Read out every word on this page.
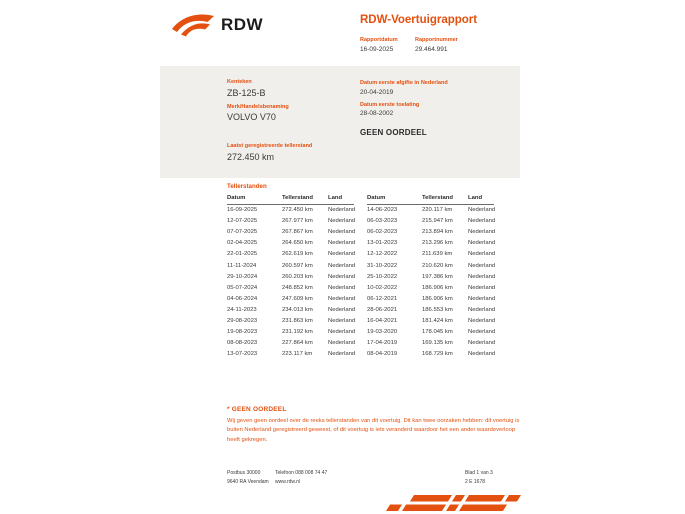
RDW	RDW-Voertuigrapport
Rapportdatum
16-09-2025
Rapportnummer
29.464.991
Kenteken
ZB-125-B
Merk/Handelsbenaming
VOLVO V70
Laatst geregistreerde tellerstand
272.450 km
Datum eerste afgifte in Nederland
20-04-2019
Datum eerste toelating
28-08-2002
GEEN OORDEEL
Tellerstanden
Datum	Tellerstand	Land
16-09-2025	272.450 km	Nederland
12-07-2025	267.977 km	Nederland
07-07-2025	267.867 km	Nederland
02-04-2025	264.650 km	Nederland
22-01-2025	262.619 km	Nederland
11-11-2024	260.597 km	Nederland
29-10-2024	260.203 km	Nederland
05-07-2024	248.852 km	Nederland
04-06-2024	247.609 km	Nederland
24-11-2023	234.013 km	Nederland
29-08-2023	231.863 km	Nederland
19-08-2023	231.192 km	Nederland
08-08-2023	227.864 km	Nederland
13-07-2023	223.117 km	Nederland
Datum	Tellerstand	Land
14-06-2023	220.117 km	Nederland
06-03-2023	215.947 km	Nederland
06-02-2023	213.894 km	Nederland
13-01-2023	213.296 km	Nederland
12-12-2022	211.639 km	Nederland
31-10-2022	210.620 km	Nederland
25-10-2022	197.386 km	Nederland
10-02-2022	186.906 km	Nederland
06-12-2021	186.906 km	Nederland
28-06-2021	186.553 km	Nederland
16-04-2021	181.424 km	Nederland
19-03-2020	178.045 km	Nederland
17-04-2019	169.135 km	Nederland
08-04-2019	168.729 km	Nederland
* GEEN OORDEEL
Wij geven geen oordeel over de reeks tellerstanden van dit voertuig. Dit kan twee oorzaken hebben: dit voertuig is buiten Nederland geregistreerd geweest, of dit voertuig is iets veranderd waardoor het een ander waardeverloop heeft gekregen.
Postbus 30000
9640 RA Veendam
Telefoon 088 008 74 47
www.rdw.nl
Blad 1 van 3
2 E 1678
